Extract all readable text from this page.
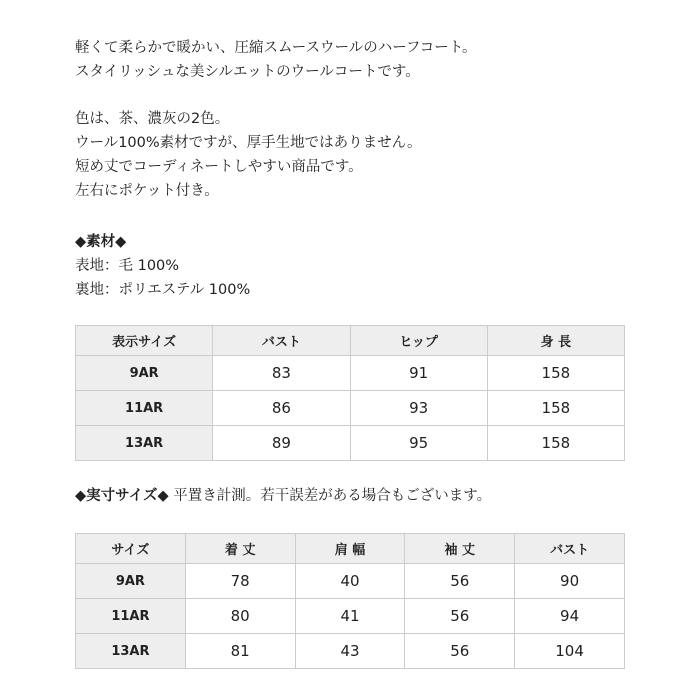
軽くて柔らかで暖かい、圧縮スムースウールのハーフコート。
スタイリッシュな美シルエットのウールコートです。
色は、茶、濃灰の2色。
ウール100%素材ですが、厚手生地ではありません。
短め丈でコーディネートしやすい商品です。
左右にポケット付き。
◆素材◆
表地：毛 100%
裏地：ポリエステル 100%
表示サイズ	バスト	ヒップ	身 長
9AR	83	91	158
11AR	86	93	158
13AR	89	95	158
◆実寸サイズ◆ 平置き計測。若干誤差がある場合もございます。
サイズ	着 丈	肩 幅	袖 丈	バスト
9AR	78	40	56	90
11AR	80	41	56	94
13AR	81	43	56	104
